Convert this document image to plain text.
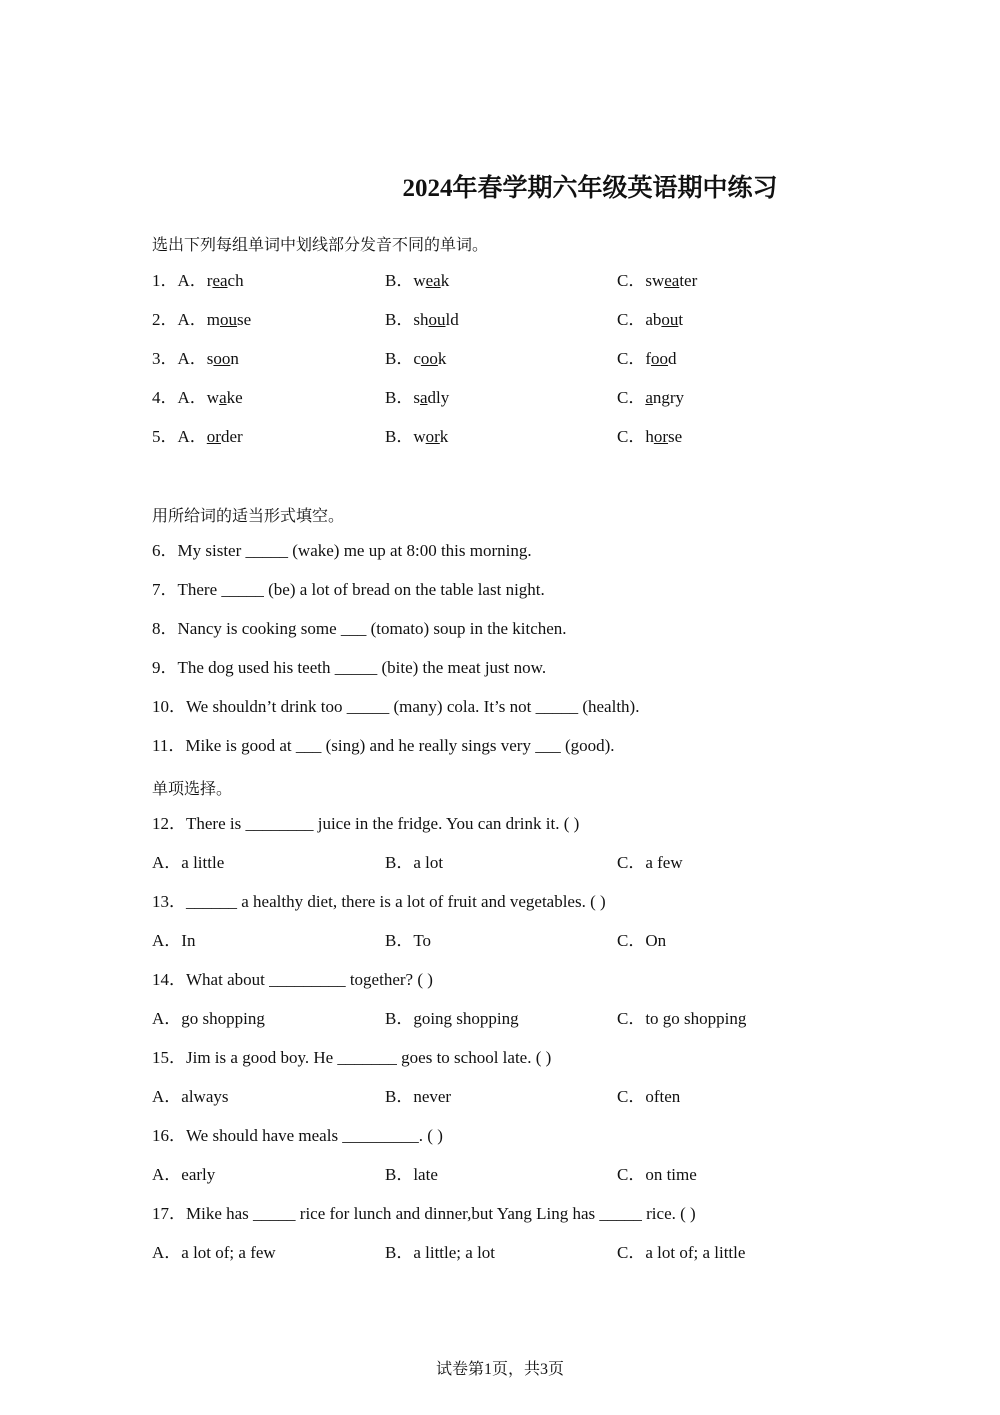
2024年春学期六年级英语期中练习
选出下列每组单词中划线部分发音不同的单词。
1．A．reach	B．weak	C．sweater
2．A．mouse	B．should	C．about
3．A．soon	B．cook	C．food
4．A．wake	B．sadly	C．angry
5．A．order	B．work	C．horse
用所给词的适当形式填空。
6．My sister _____ (wake) me up at 8:00 this morning.
7．There _____ (be) a lot of bread on the table last night.
8．Nancy is cooking some ___ (tomato) soup in the kitchen.
9．The dog used his teeth _____ (bite) the meat just now.
10．We shouldn’t drink too _____ (many) cola. It’s not _____ (health).
11．Mike is good at ___ (sing) and he really sings very ___ (good).
单项选择。
12．There is ________ juice in the fridge. You can drink it. ( )
A．a little	B．a lot	C．a few
13．______ a healthy diet, there is a lot of fruit and vegetables. ( )
A．In	B．To	C．On
14．What about _________ together? ( )
A．go shopping	B．going shopping	C．to go shopping
15．Jim is a good boy. He _______ goes to school late. ( )
A．always	B．never	C．often
16．We should have meals _________. ( )
A．early	B．late	C．on time
17．Mike has _____ rice for lunch and dinner,but Yang Ling has _____ rice. ( )
A．a lot of; a few	B．a little; a lot	C．a lot of; a little
试卷第1页，共3页
